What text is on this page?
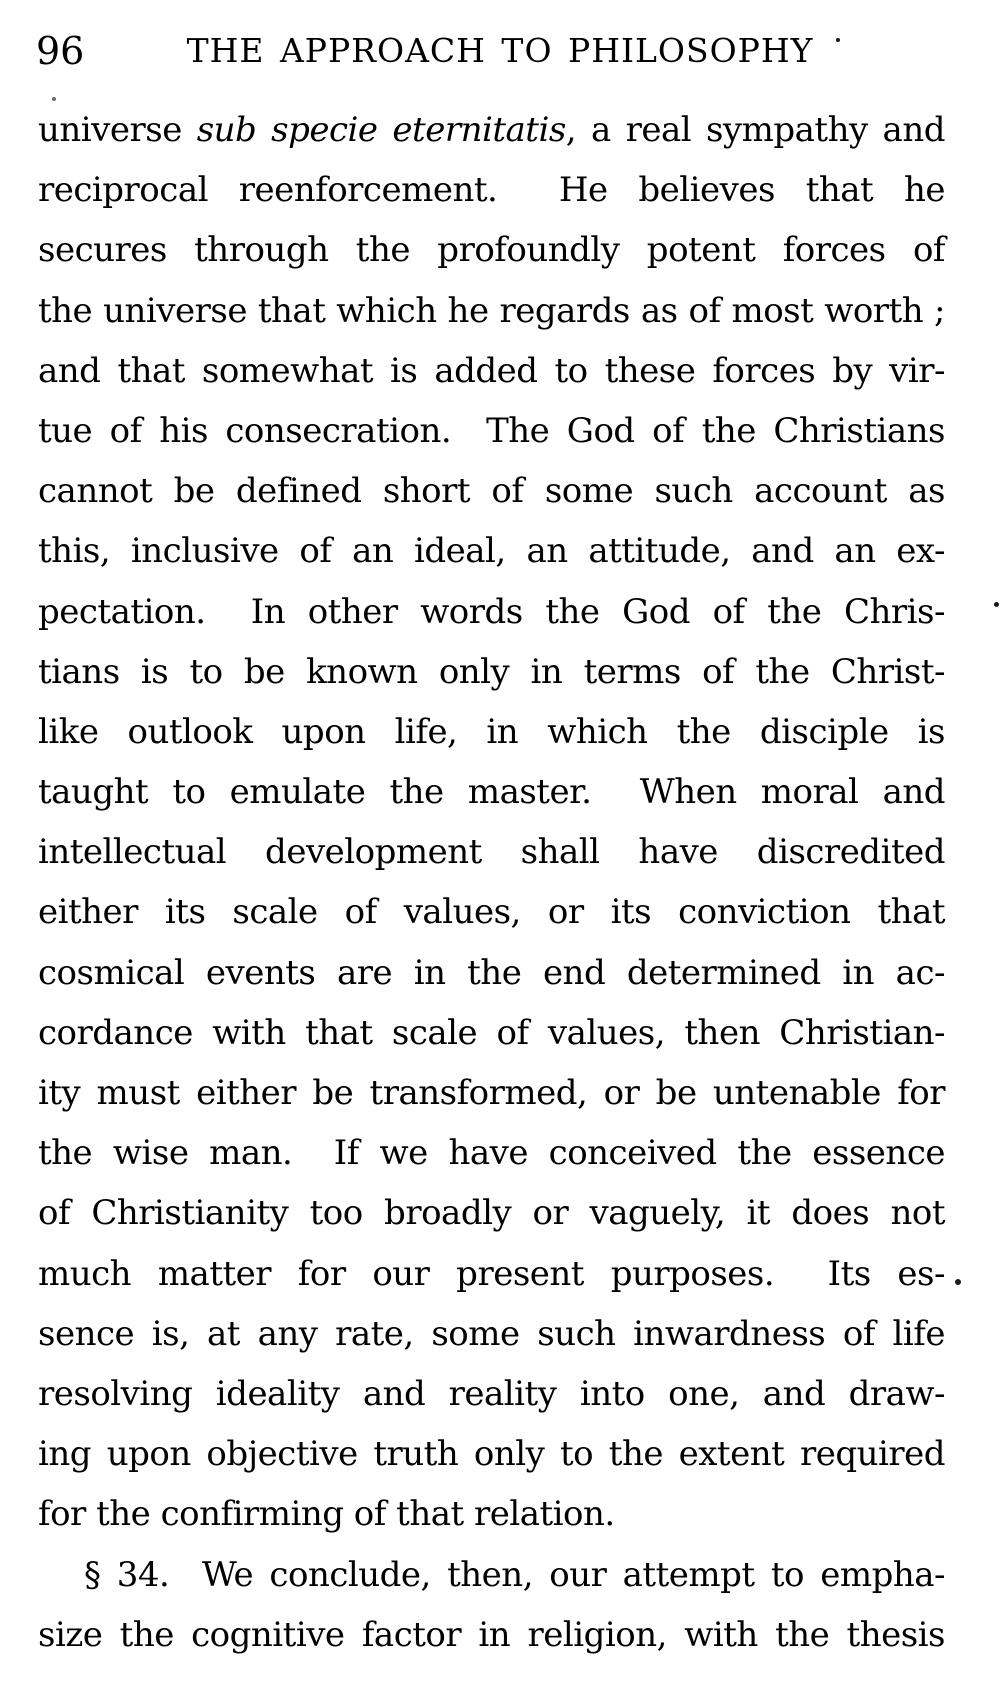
96	THE APPROACH TO PHILOSOPHY
universe sub specie eternitatis, a real sympathy and
reciprocal reenforcement.  He believes that he
secures through the profoundly potent forces of
the universe that which he regards as of most worth ;
and that somewhat is added to these forces by vir-
tue of his consecration.  The God of the Christians
cannot be defined short of some such account as
this, inclusive of an ideal, an attitude, and an ex-
pectation.  In other words the God of the Chris-
tians is to be known only in terms of the Christ-
like outlook upon life, in which the disciple is
taught to emulate the master.  When moral and
intellectual development shall have discredited
either its scale of values, or its conviction that
cosmical events are in the end determined in ac-
cordance with that scale of values, then Christian-
ity must either be transformed, or be untenable for
the wise man.  If we have conceived the essence
of Christianity too broadly or vaguely, it does not
much matter for our present purposes.  Its es-
sence is, at any rate, some such inwardness of life
resolving ideality and reality into one, and draw-
ing upon objective truth only to the extent required
for the confirming of that relation.
§ 34.  We conclude, then, our attempt to empha-
size the cognitive factor in religion, with the thesis
